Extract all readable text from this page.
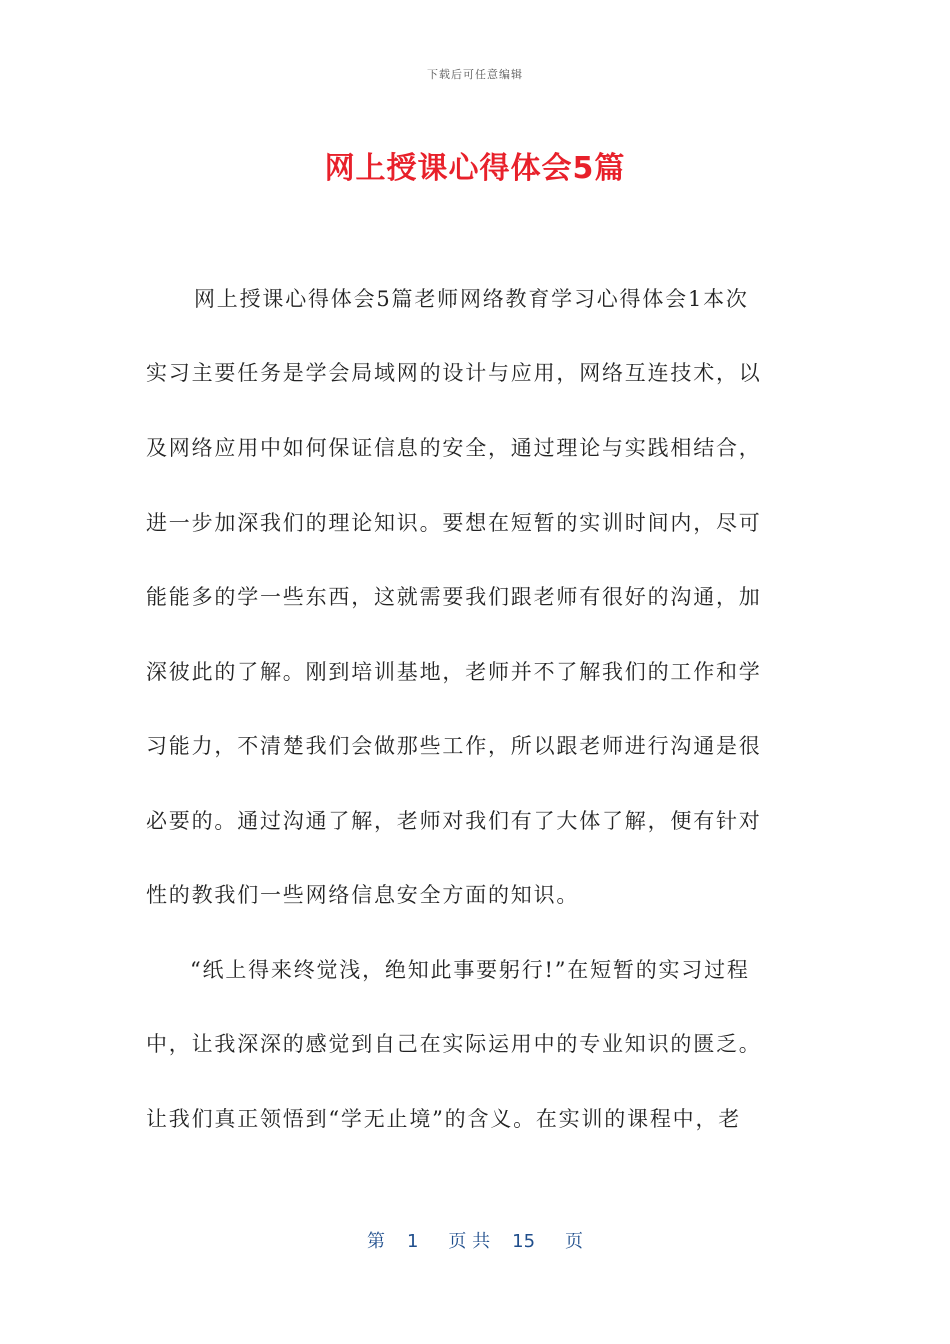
下载后可任意编辑
网上授课心得体会5篇
网上授课心得体会5篇老师网络教育学习心得体会1本次
实习主要任务是学会局域网的设计与应用，网络互连技术，以
及网络应用中如何保证信息的安全，通过理论与实践相结合，
进一步加深我们的理论知识。要想在短暂的实训时间内，尽可
能能多的学一些东西，这就需要我们跟老师有很好的沟通，加
深彼此的了解。刚到培训基地，老师并不了解我们的工作和学
习能力，不清楚我们会做那些工作，所以跟老师进行沟通是很
必要的。通过沟通了解，老师对我们有了大体了解，便有针对
性的教我们一些网络信息安全方面的知识。
“纸上得来终觉浅，绝知此事要躬行!”在短暂的实习过程
中，让我深深的感觉到自己在实际运用中的专业知识的匮乏。
让我们真正领悟到“学无止境”的含义。在实训的课程中，老
第 1 页 共 15 页
